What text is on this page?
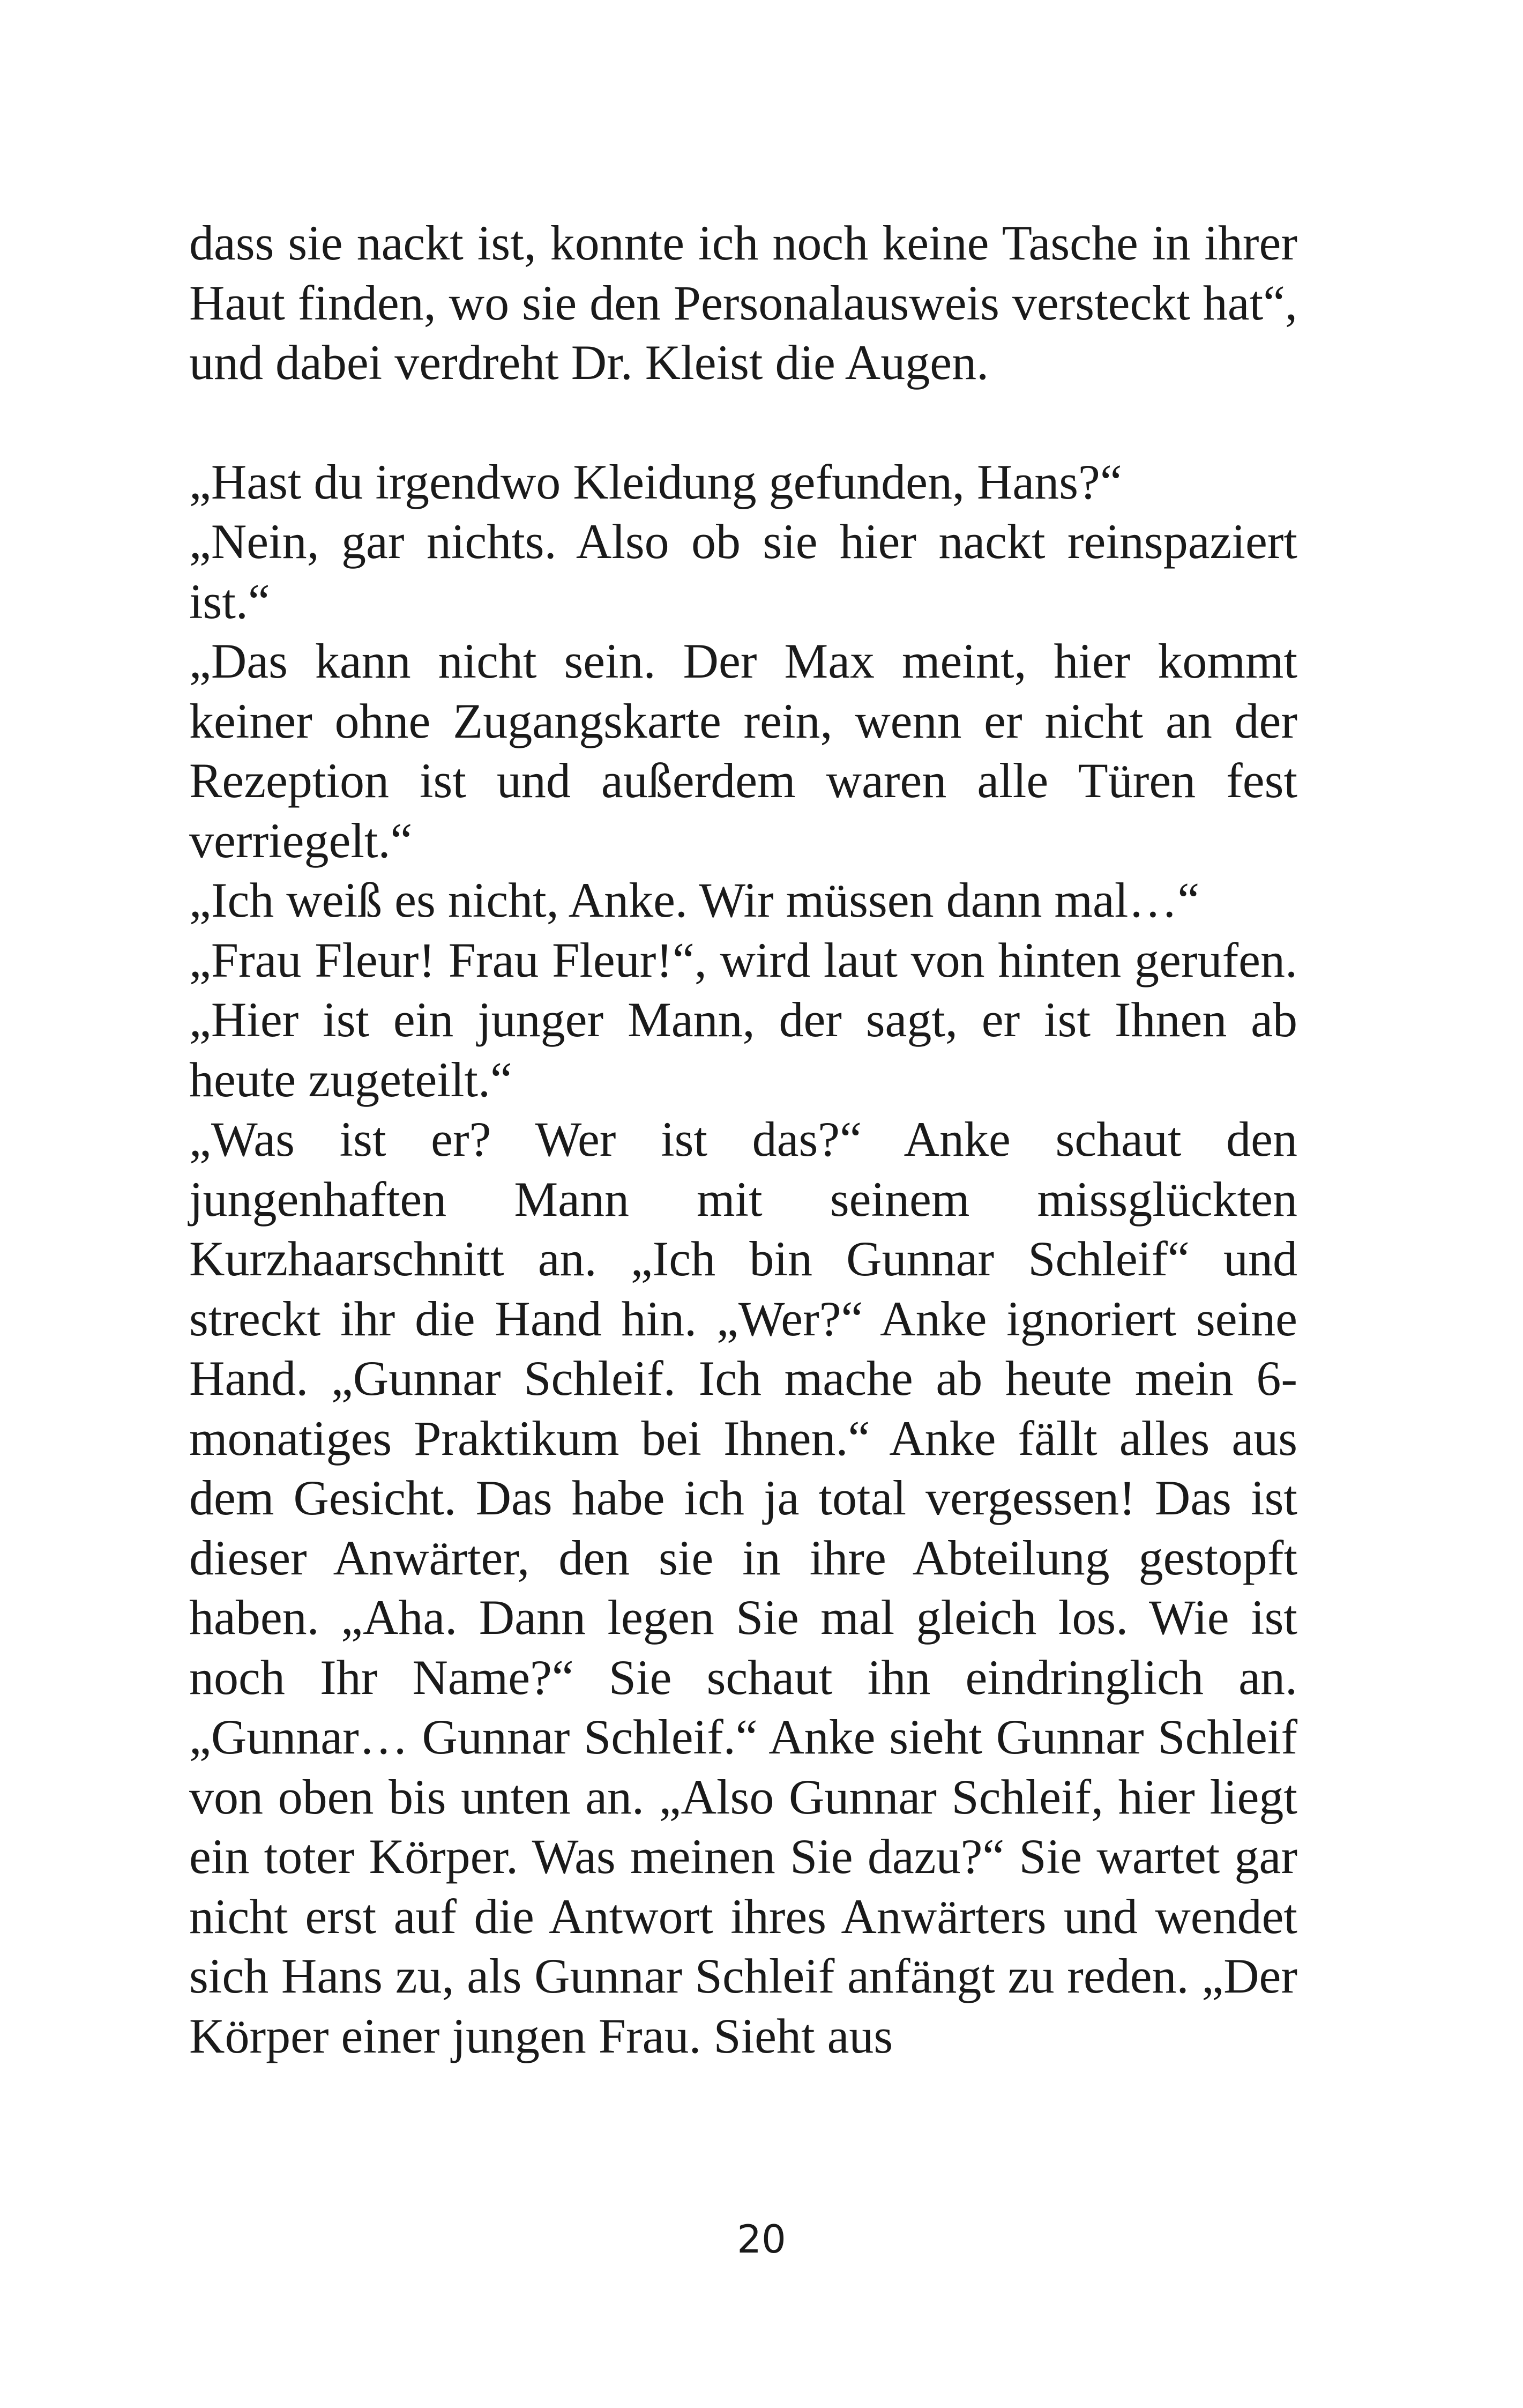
dass sie nackt ist, konnte ich noch keine Tasche in ihrer Haut finden, wo sie den Personalausweis versteckt hat“, und dabei verdreht Dr. Kleist die Augen.

„Hast du irgendwo Kleidung gefunden, Hans?“

„Nein, gar nichts. Also ob sie hier nackt reinspaziert ist.“

„Das kann nicht sein. Der Max meint, hier kommt keiner ohne Zugangskarte rein, wenn er nicht an der Rezeption ist und außerdem waren alle Türen fest verriegelt.“

„Ich weiß es nicht, Anke. Wir müssen dann mal…“

„Frau Fleur! Frau Fleur!“, wird laut von hinten gerufen. „Hier ist ein junger Mann, der sagt, er ist Ihnen ab heute zugeteilt.“

„Was ist er? Wer ist das?“ Anke schaut den jungenhaften Mann mit seinem missglückten Kurzhaarschnitt an. „Ich bin Gunnar Schleif“ und streckt ihr die Hand hin. „Wer?“ Anke ignoriert seine Hand. „Gunnar Schleif. Ich mache ab heute mein 6-monatiges Praktikum bei Ihnen.“ Anke fällt alles aus dem Gesicht. Das habe ich ja total vergessen! Das ist dieser Anwärter, den sie in ihre Abteilung gestopft haben. „Aha. Dann legen Sie mal gleich los. Wie ist noch Ihr Name?“ Sie schaut ihn eindringlich an. „Gunnar… Gunnar Schleif.“ Anke sieht Gunnar Schleif von oben bis unten an. „Also Gunnar Schleif, hier liegt ein toter Körper. Was meinen Sie dazu?“ Sie wartet gar nicht erst auf die Antwort ihres Anwärters und wendet sich Hans zu, als Gunnar Schleif anfängt zu reden. „Der Körper einer jungen Frau. Sieht aus

20
